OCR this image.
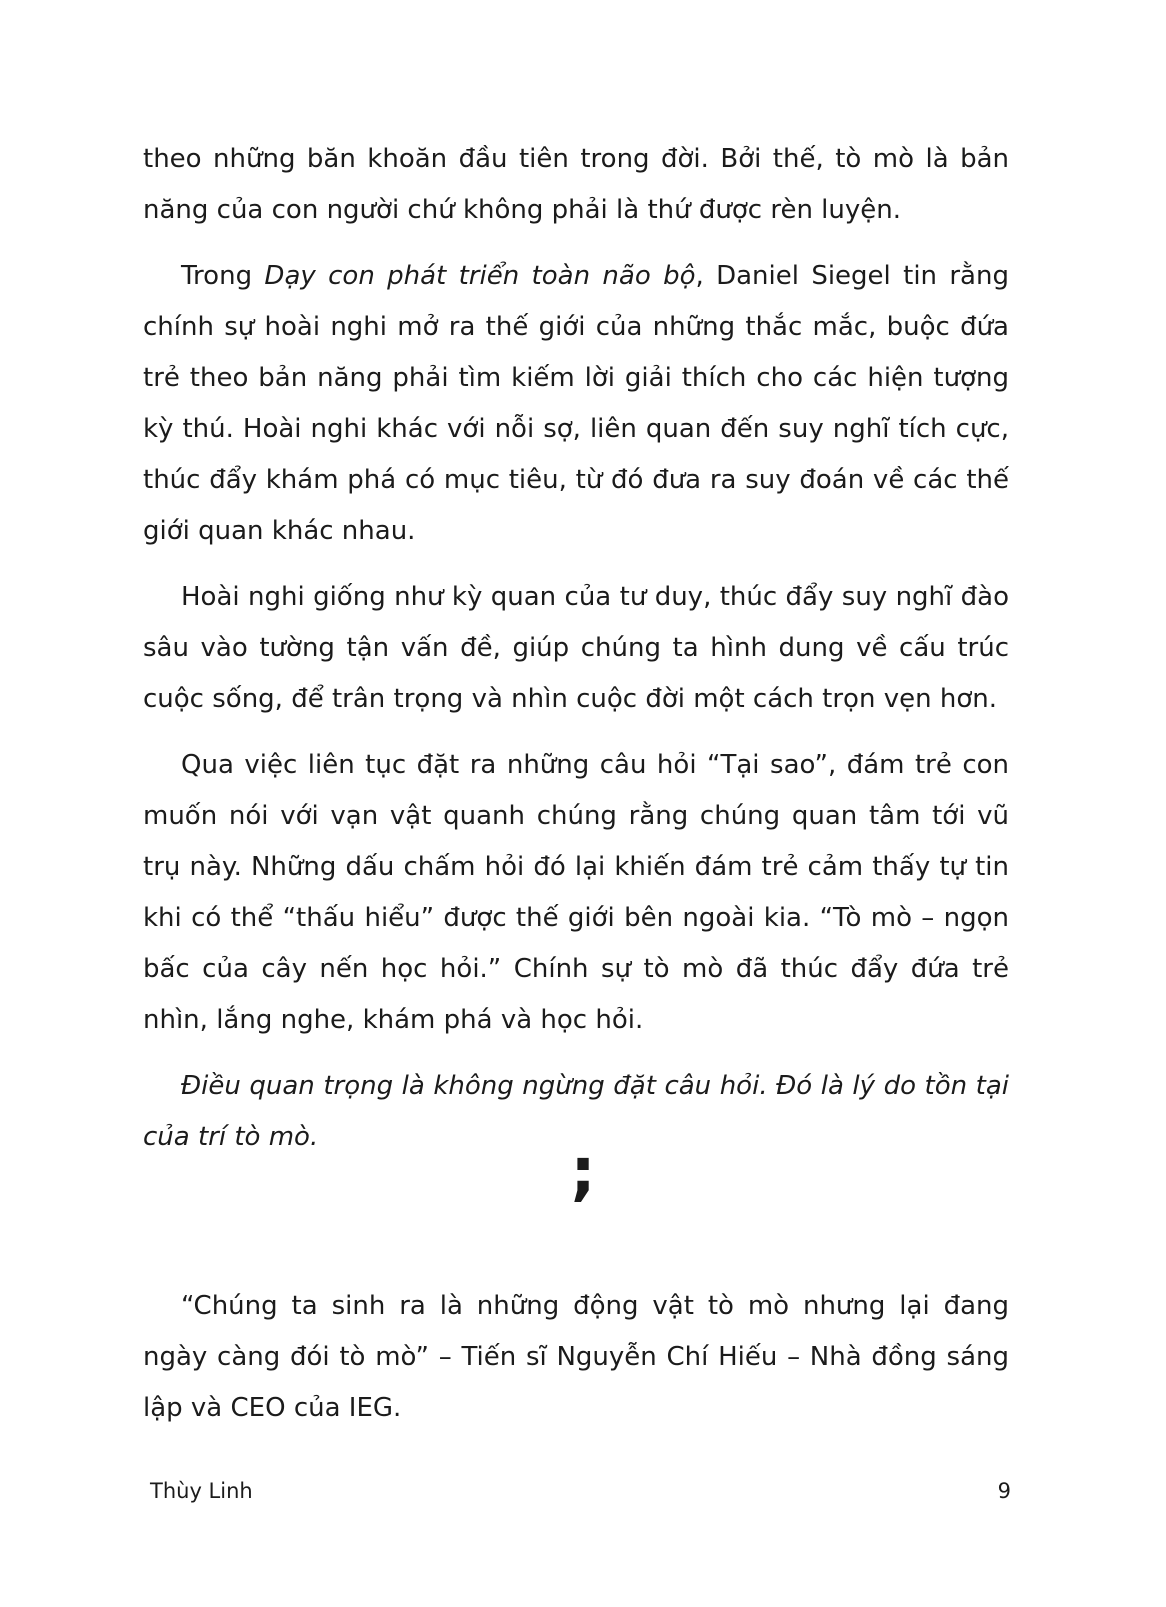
theo những băn khoăn đầu tiên trong đời. Bởi thế, tò mò là bản năng của con người chứ không phải là thứ được rèn luyện.

Trong Dạy con phát triển toàn não bộ, Daniel Siegel tin rằng chính sự hoài nghi mở ra thế giới của những thắc mắc, buộc đứa trẻ theo bản năng phải tìm kiếm lời giải thích cho các hiện tượng kỳ thú. Hoài nghi khác với nỗi sợ, liên quan đến suy nghĩ tích cực, thúc đẩy khám phá có mục tiêu, từ đó đưa ra suy đoán về các thế giới quan khác nhau.

Hoài nghi giống như kỳ quan của tư duy, thúc đẩy suy nghĩ đào sâu vào tường tận vấn đề, giúp chúng ta hình dung về cấu trúc cuộc sống, để trân trọng và nhìn cuộc đời một cách trọn vẹn hơn.

Qua việc liên tục đặt ra những câu hỏi “Tại sao”, đám trẻ con muốn nói với vạn vật quanh chúng rằng chúng quan tâm tới vũ trụ này. Những dấu chấm hỏi đó lại khiến đám trẻ cảm thấy tự tin khi có thể “thấu hiểu” được thế giới bên ngoài kia. “Tò mò – ngọn bấc của cây nến học hỏi.” Chính sự tò mò đã thúc đẩy đứa trẻ nhìn, lắng nghe, khám phá và học hỏi.

Điều quan trọng là không ngừng đặt câu hỏi. Đó là lý do tồn tại của trí tò mò.	;

“Chúng ta sinh ra là những động vật tò mò nhưng lại đang ngày càng đói tò mò” – Tiến sĩ Nguyễn Chí Hiếu – Nhà đồng sáng lập và CEO của IEG.

Thùy Linh	9
